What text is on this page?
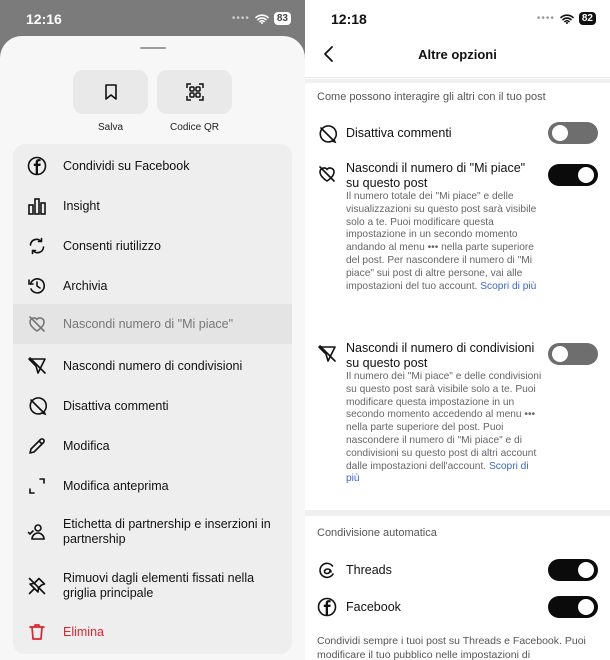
12:16	••••	83
Salva	Codice QR
Condividi su Facebook
Insight
Consenti riutilizzo
Archivia
Nascondi numero di "Mi piace"
Nascondi numero di condivisioni
Disattiva commenti
Modifica
Modifica anteprima
Etichetta di partnership e inserzioni in partnership
Rimuovi dagli elementi fissati nella griglia principale
Elimina
12:18	••••	82
Altre opzioni
Come possono interagire gli altri con il tuo post
Disattiva commenti
Nascondi il numero di "Mi piace" su questo post
Il numero totale dei "Mi piace" e delle visualizzazioni su questo post sarà visibile solo a te. Puoi modificare questa impostazione in un secondo momento andando al menu ••• nella parte superiore del post. Per nascondere il numero di "Mi piace" sui post di altre persone, vai alle impostazioni del tuo account. Scopri di più
Nascondi il numero di condivisioni su questo post
Il numero dei "Mi piace" e delle condivisioni su questo post sarà visibile solo a te. Puoi modificare questa impostazione in un secondo momento accedendo al menu ••• nella parte superiore del post. Puoi nascondere il numero di "Mi piace" e di condivisioni su questo post di altri account dalle impostazioni dell'account. Scopri di più
Condivisione automatica
Threads
Facebook
Condividi sempre i tuoi post su Threads e Facebook. Puoi modificare il tuo pubblico nelle impostazioni di
